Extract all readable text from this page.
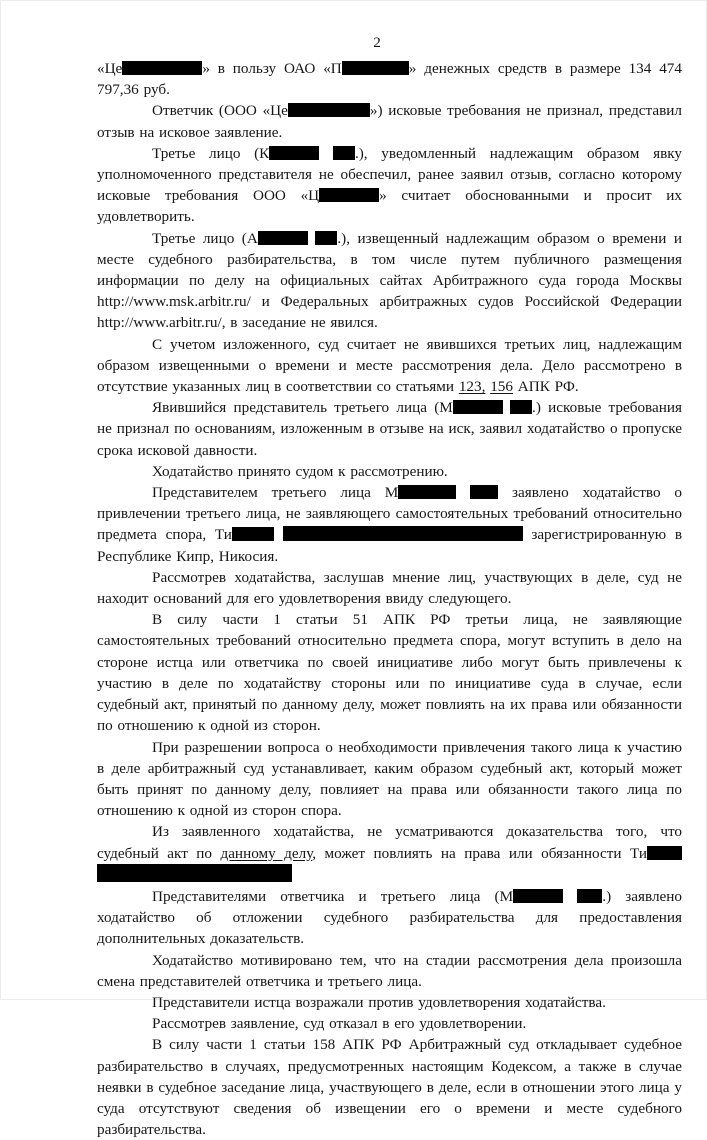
2

«Це	» в пользу ОАО «П	» денежных средств в размере 134 474 797,36 руб.

Ответчик (ООО «Це	») исковые требования не признал, представил отзыв на исковое заявление.

Третье лицо (К	.), уведомленный надлежащим образом явку уполномоченного представителя не обеспечил, ранее заявил отзыв, согласно которому исковые требования ООО «Ц	» считает обоснованными и просит их удовлетворить.

Третье лицо (А	.), извещенный надлежащим образом о времени и месте судебного разбирательства, в том числе путем публичного размещения информации по делу на официальных сайтах Арбитражного суда города Москвы http://www.msk.arbitr.ru/ и Федеральных арбитражных судов Российской Федерации http://www.arbitr.ru/, в заседание не явился.

С учетом изложенного, суд считает не явившихся третьих лиц, надлежащим образом извещенными о времени и месте рассмотрения дела. Дело рассмотрено в отсутствие указанных лиц в соответствии со статьями 123, 156 АПК РФ.

Явившийся представитель третьего лица (М	.) исковые требования не признал по основаниям, изложенным в отзыве на иск, заявил ходатайство о пропуске срока исковой давности.

Ходатайство принято судом к рассмотрению.

Представителем третьего лица М	заявлено ходатайство о привлечении третьего лица, не заявляющего самостоятельных требований относительно предмета спора, Ти	зарегистрированную в Республике Кипр, Никосия.

Рассмотрев ходатайства, заслушав мнение лиц, участвующих в деле, суд не находит оснований для его удовлетворения ввиду следующего.

В силу части 1 статьи 51 АПК РФ третьи лица, не заявляющие самостоятельных требований относительно предмета спора, могут вступить в дело на стороне истца или ответчика по своей инициативе либо могут быть привлечены к участию в деле по ходатайству стороны или по инициативе суда в случае, если судебный акт, принятый по данному делу, может повлиять на их права или обязанности по отношению к одной из сторон.

При разрешении вопроса о необходимости привлечения такого лица к участию в деле арбитражный суд устанавливает, каким образом судебный акт, который может быть принят по данному делу, повлияет на права или обязанности такого лица по отношению к одной из сторон спора.

Из заявленного ходатайства, не усматриваются доказательства того, что судебный акт по данному делу, может повлиять на права или обязанности Ти

Представителями ответчика и третьего лица (М	.) заявлено ходатайство об отложении судебного разбирательства для предоставления дополнительных доказательств.

Ходатайство мотивировано тем, что на стадии рассмотрения дела произошла смена представителей ответчика и третьего лица.

Представители истца возражали против удовлетворения ходатайства.

Рассмотрев заявление, суд отказал в его удовлетворении.

В силу части 1 статьи 158 АПК РФ Арбитражный суд откладывает судебное разбирательство в случаях, предусмотренных настоящим Кодексом, а также в случае неявки в судебное заседание лица, участвующего в деле, если в отношении этого лица у суда отсутствуют сведения об извещении его о времени и месте судебного разбирательства.
